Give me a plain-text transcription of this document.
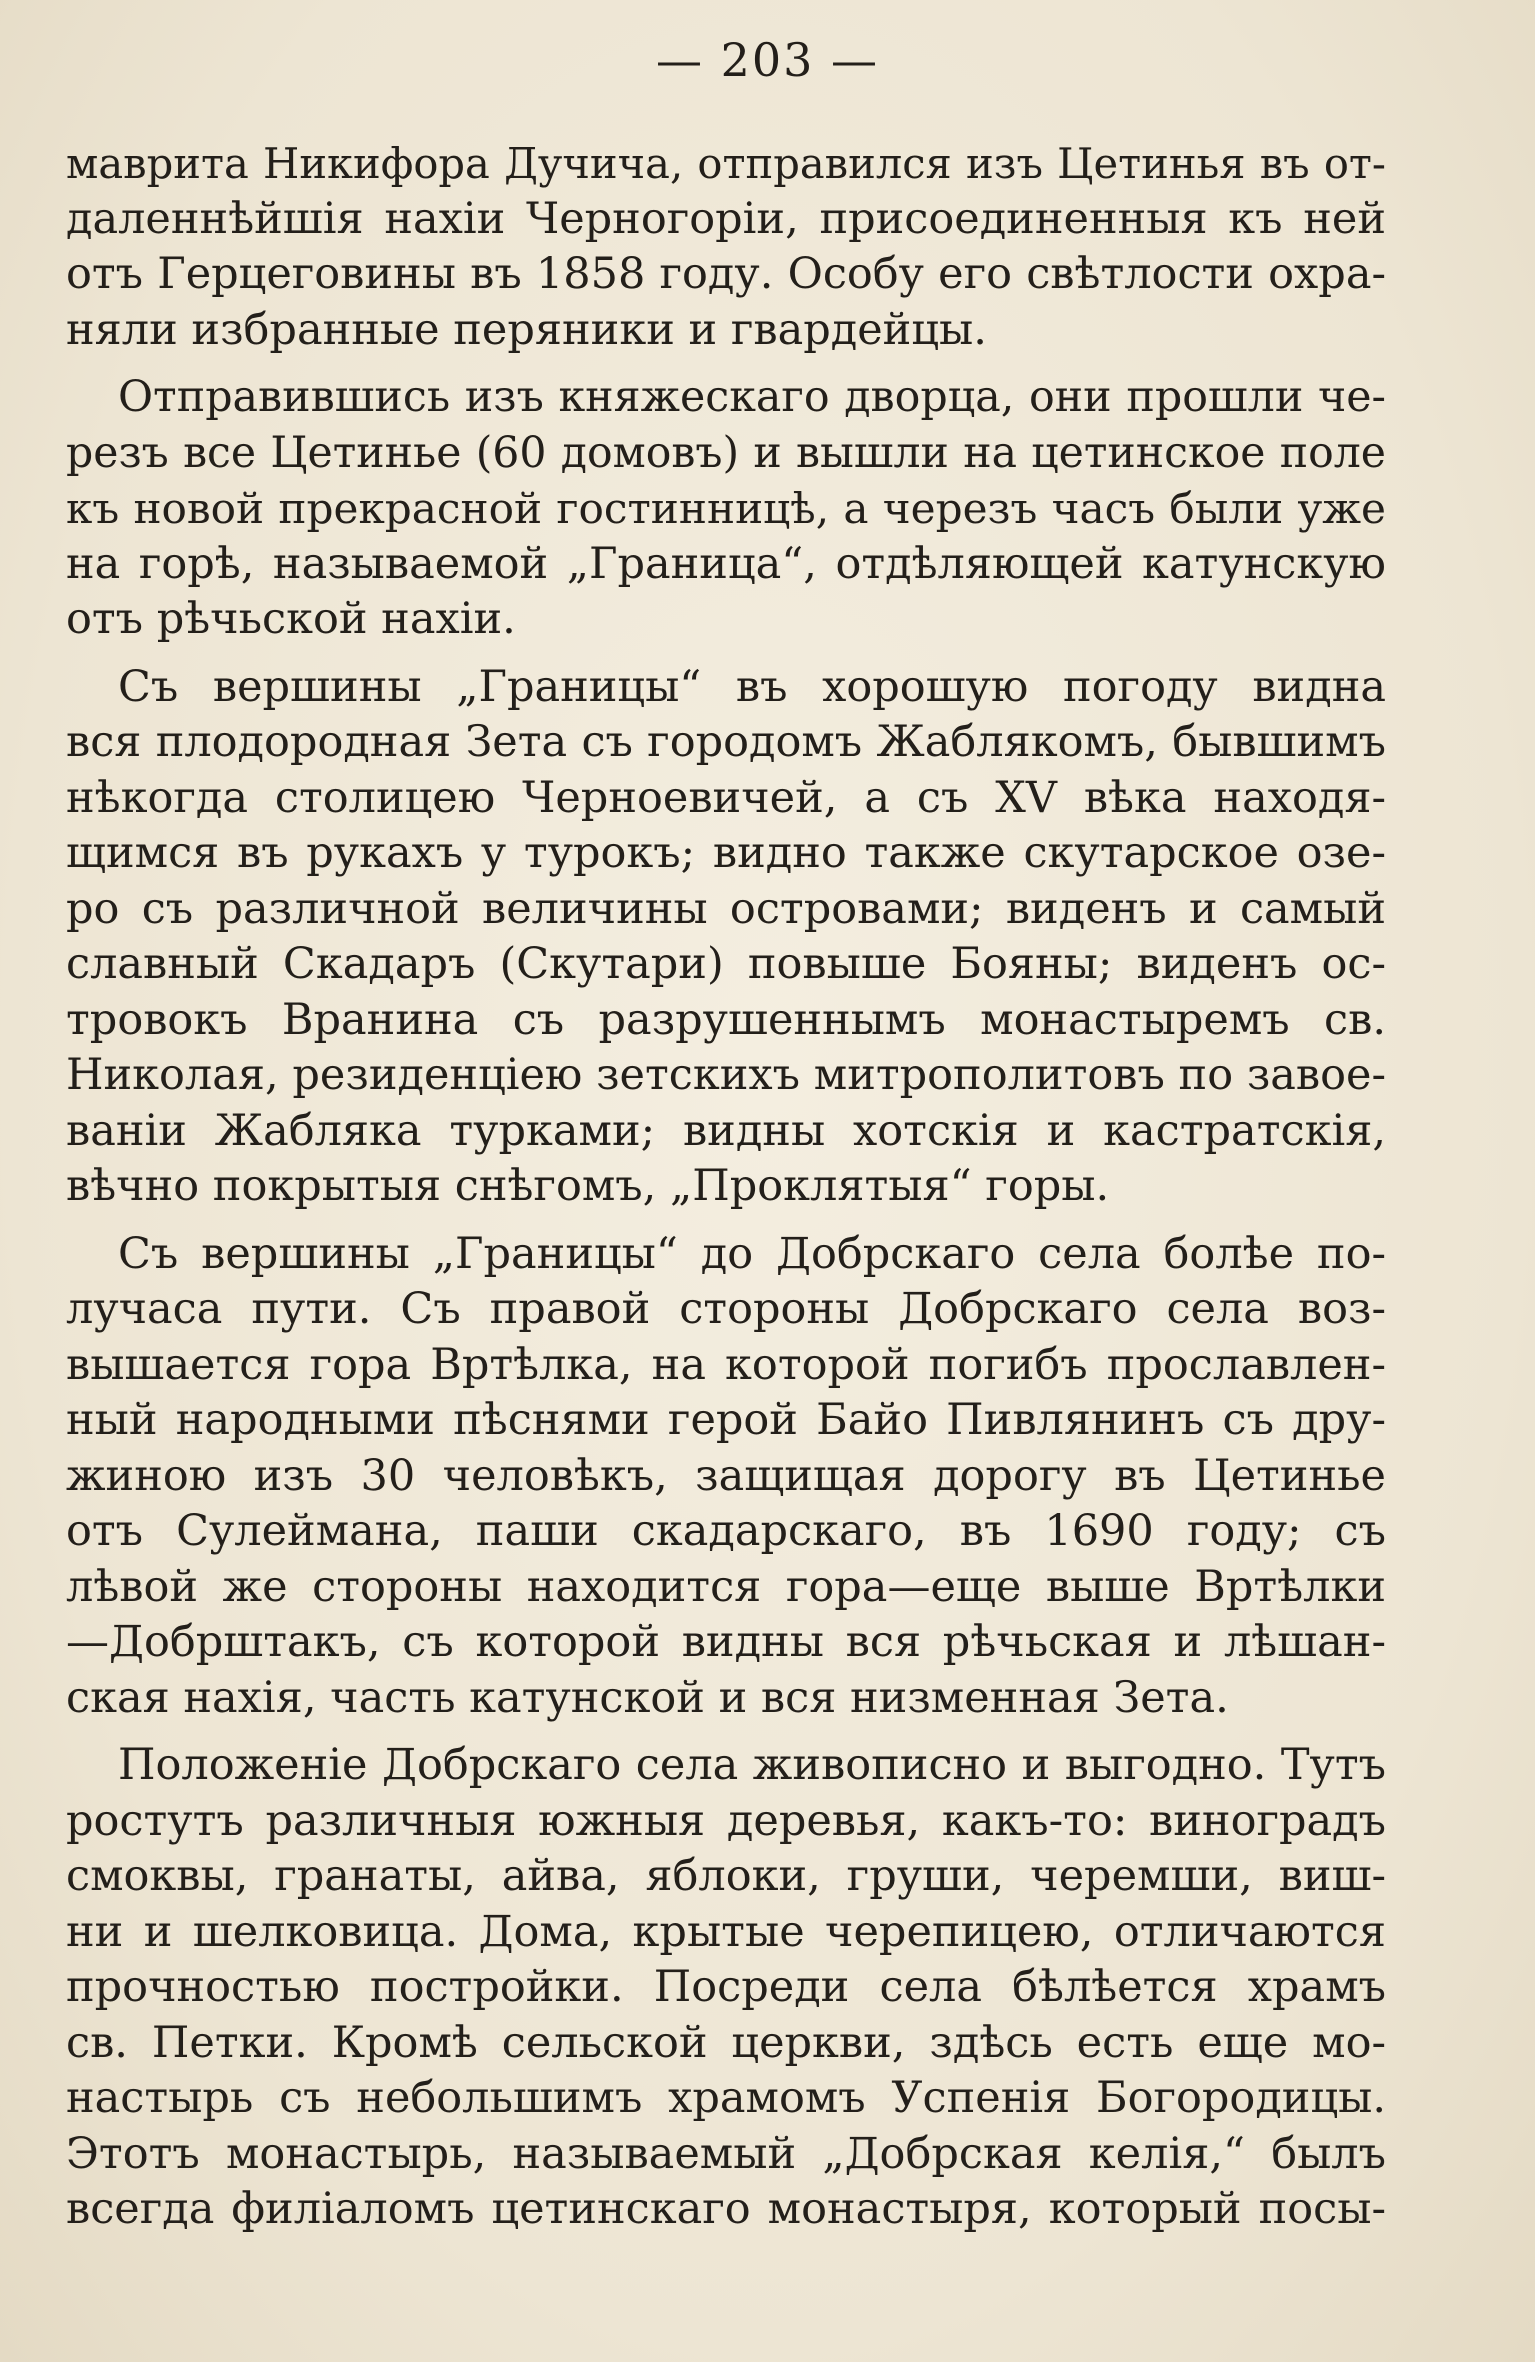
— 203 —
маврита Никифора Дучича, отправился изъ Цетинья въ от-
даленнѣйшія нахіи Черногоріи, присоединенныя къ ней
отъ Герцеговины въ 1858 году. Особу его свѣтлости охра-
няли избранные перяники и гвардейцы.
Отправившись изъ княжескаго дворца, они прошли че-
резъ все Цетинье (60 домовъ) и вышли на цетинское поле
къ новой прекрасной гостинницѣ, а черезъ часъ были уже
на горѣ, называемой „Граница“, отдѣляющей катунскую
отъ рѣчьской нахіи.
Съ вершины „Границы“ въ хорошую погоду видна
вся плодородная Зета съ городомъ Жаблякомъ, бывшимъ
нѣкогда столицею Черноевичей, а съ XV вѣка находя-
щимся въ рукахъ у турокъ; видно также скутарское озе-
ро съ различной величины островами; виденъ и самый
славный Скадаръ (Скутари) повыше Бояны; виденъ ос-
тровокъ Вранина съ разрушеннымъ монастыремъ св.
Николая, резиденціею зетскихъ митрополитовъ по завое-
ваніи Жабляка турками; видны хотскія и кастратскія,
вѣчно покрытыя снѣгомъ, „Проклятыя“ горы.
Съ вершины „Границы“ до Добрскаго села болѣе по-
лучаса пути. Съ правой стороны Добрскаго села воз-
вышается гора Вртѣлка, на которой погибъ прославлен-
ный народными пѣснями герой Байо Пивлянинъ съ дру-
жиною изъ 30 человѣкъ, защищая дорогу въ Цетинье
отъ Сулеймана, паши скадарскаго, въ 1690 году; съ
лѣвой же стороны находится гора—еще выше Вртѣлки
—Добрштакъ, съ которой видны вся рѣчьская и лѣшан-
ская нахія, часть катунской и вся низменная Зета.
Положеніе Добрскаго села живописно и выгодно. Тутъ
ростутъ различныя южныя деревья, какъ-то: виноградъ
смоквы, гранаты, айва, яблоки, груши, черемши, виш-
ни и шелковица. Дома, крытые черепицею, отличаются
прочностью постройки. Посреди села бѣлѣется храмъ
св. Петки. Кромѣ сельской церкви, здѣсь есть еще мо-
настырь съ небольшимъ храмомъ Успенія Богородицы.
Этотъ монастырь, называемый „Добрская келія,“ былъ
всегда филіаломъ цетинскаго монастыря, который посы-
